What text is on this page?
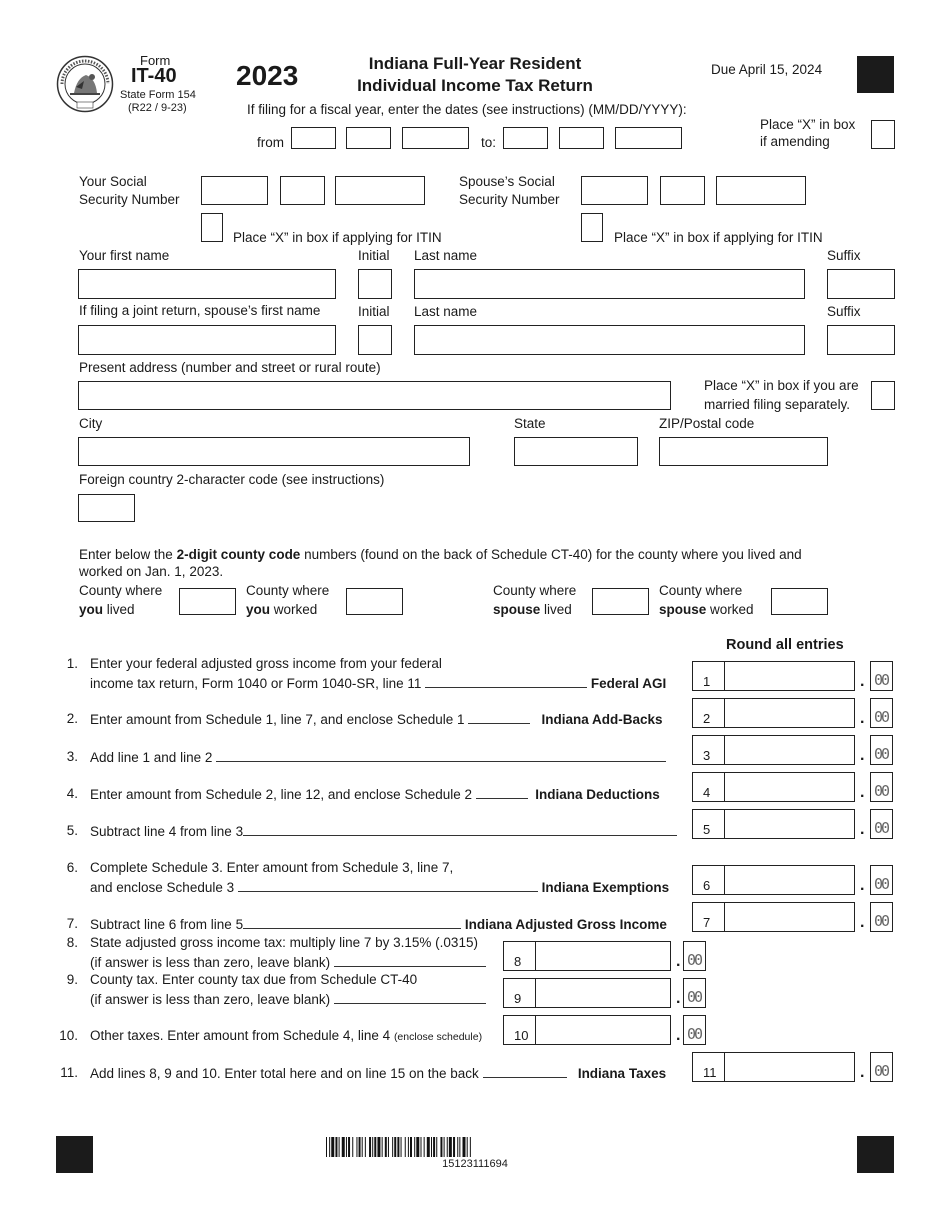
Form
IT-40
State Form 154
(R22 / 9-23)
2023	Indiana Full-Year Resident
Individual Income Tax Return
Due April 15, 2024
If filing for a fiscal year, enter the dates (see instructions) (MM/DD/YYYY):
from	to:
Place “X” in box
if amending
Your Social
Security Number
Spouse’s Social
Security Number
Place “X” in box if applying for ITIN	Place “X” in box if applying for ITIN
Your first name	Initial Last name	Suffix
If filing a joint return, spouse’s first name	Initial Last name	Suffix
Present address (number and street or rural route)
Place “X” in box if you are
married filing separately.
City	State	ZIP/Postal code
Foreign country 2-character code (see instructions)
Enter below the 2-digit county code numbers (found on the back of Schedule CT-40) for the county where you lived and
worked on Jan. 1, 2023.
County where
you lived
County where
you worked
County where
spouse lived
County where
spouse worked
Round all entries
1. Enter your federal adjusted gross income from your federal
income tax return, Form 1040 or Form 1040-SR, line 11	Federal AGI	1	. 00
2. Enter amount from Schedule 1, line 7, and enclose Schedule 1	Indiana Add-Backs	2	. 00
3. Add line 1 and line 2	3	. 00
4. Enter amount from Schedule 2, line 12, and enclose Schedule 2	Indiana Deductions	4	. 00
5. Subtract line 4 from line 3	5	. 00
6. Complete Schedule 3. Enter amount from Schedule 3, line 7,
and enclose Schedule 3	Indiana Exemptions	6	. 00
7. Subtract line 6 from line 5	Indiana Adjusted Gross Income	7	. 00
8. State adjusted gross income tax: multiply line 7 by 3.15% (.0315)
(if answer is less than zero, leave blank)	8	. 00
9. County tax. Enter county tax due from Schedule CT-40
(if answer is less than zero, leave blank)	9	. 00
10. Other taxes. Enter amount from Schedule 4, line 4 (enclose schedule) 10	. 00
11. Add lines 8, 9 and 10. Enter total here and on line 15 on the back	Indiana Taxes	11	. 00
15123111694
